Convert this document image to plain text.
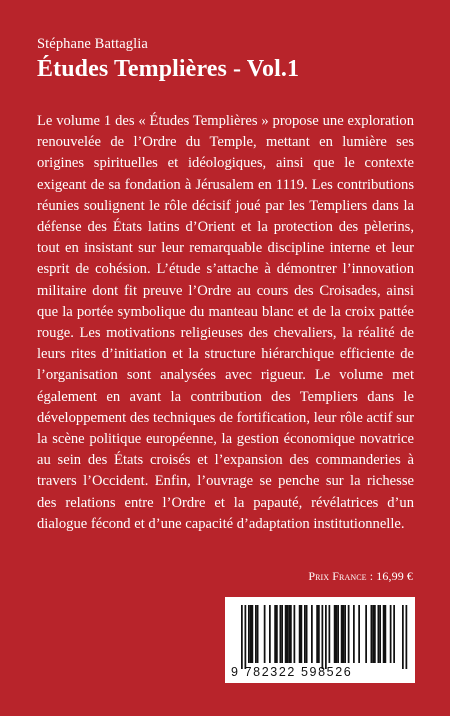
Stéphane Battaglia
Études Templières - Vol.1
Le volume 1 des « Études Templières » propose une exploration renouvelée de l’Ordre du Temple, mettant en lumière ses origines spirituelles et idéologiques, ainsi que le contexte exigeant de sa fondation à Jérusalem en 1119. Les contributions réunies soulignent le rôle décisif joué par les Templiers dans la défense des États latins d’Orient et la protection des pèlerins, tout en insistant sur leur remarquable discipline interne et leur esprit de cohésion. L’étude s’attache à démontrer l’innovation militaire dont fit preuve l’Ordre au cours des Croisades, ainsi que la portée symbolique du manteau blanc et de la croix pattée rouge. Les motivations religieuses des chevaliers, la réalité de leurs rites d’initiation et la structure hiérarchique efficiente de l’organisation sont analysées avec rigueur. Le volume met également en avant la contribution des Templiers dans le développement des techniques de fortification, leur rôle actif sur la scène politique européenne, la gestion économique novatrice au sein des États croisés et l’expansion des commanderies à travers l’Occident. Enfin, l’ouvrage se penche sur la richesse des relations entre l’Ordre et la papauté, révélatrices d’un dialogue fécond et d’une capacité d’adaptation institutionnelle.
Prix France : 16,99 €
9 782322 598526
